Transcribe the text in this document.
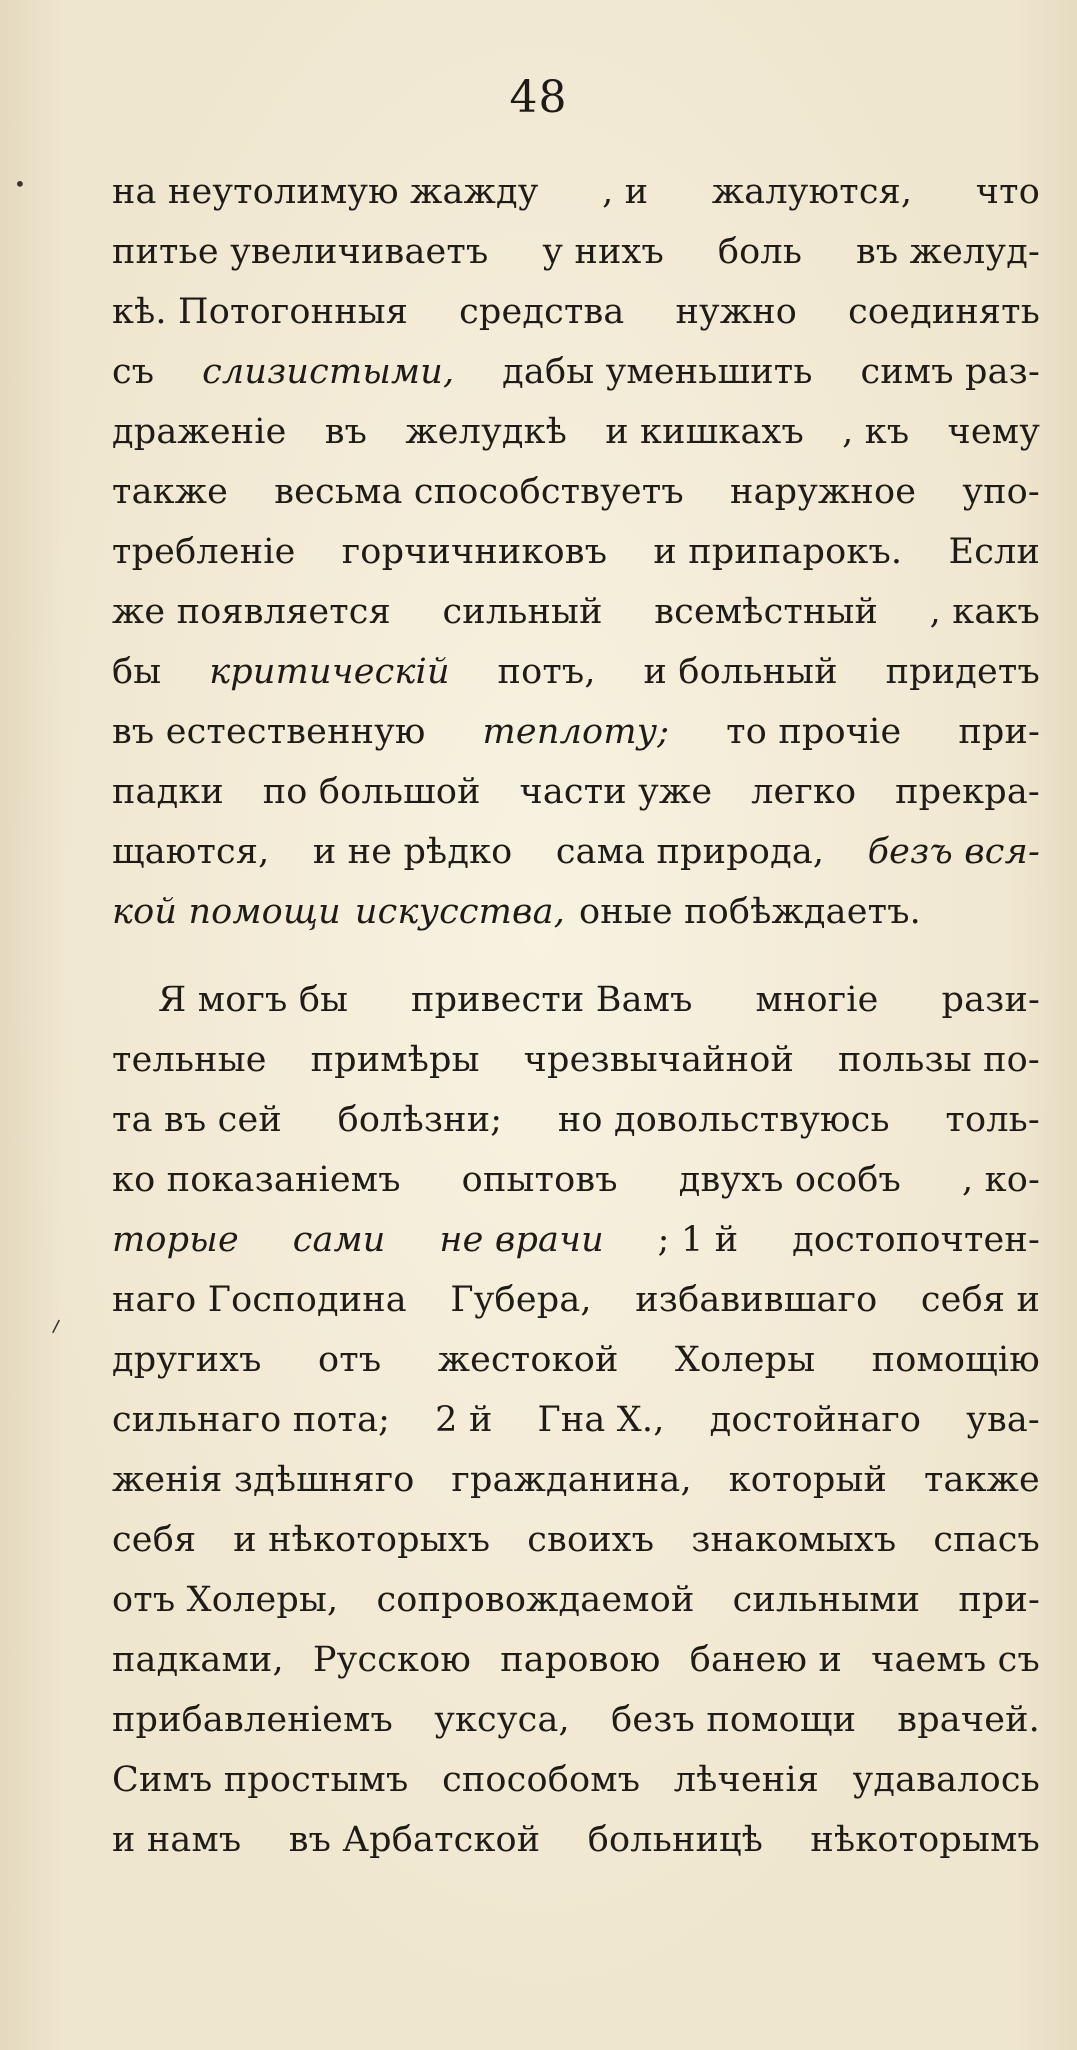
48
•
⸝
на неутолимую жажду , и жалуются, что
питье увеличиваетъ у нихъ боль въ желуд-
кѣ. Потогонныя средства нужно соединять
съ слизистыми, дабы уменьшить симъ раз-
драженіе въ желудкѣ и кишкахъ , къ чему
также весьма способствуетъ наружное упо-
требленіе горчичниковъ и припарокъ. Если
же появляется сильный всемѣстный , какъ
бы критическій потъ, и больный придетъ
въ естественную теплоту; то прочіе при-
падки по большой части уже легко прекра-
щаются, и не рѣдко сама природа, безъ вся-
кой помощи искусства, оные побѣждаетъ.
Я могъ бы привести Вамъ многіе рази-
тельные примѣры чрезвычайной пользы по-
та въ сей болѣзни; но довольствуюсь толь-
ко показаніемъ опытовъ двухъ особъ , ко-
торые сами не врачи ; 1 й достопочтен-
наго Господина Губера, избавившаго себя и
другихъ отъ жестокой Холеры помощію
сильнаго пота; 2 й Гна Х., достойнаго ува-
женія здѣшняго гражданина, который также
себя и нѣкоторыхъ своихъ знакомыхъ спасъ
отъ Холеры, сопровождаемой сильными при-
падками, Русскою паровою банею и чаемъ съ
прибавленіемъ уксуса, безъ помощи врачей.
Симъ простымъ способомъ лѣченія удавалось
и намъ въ Арбатской больницѣ нѣкоторымъ
